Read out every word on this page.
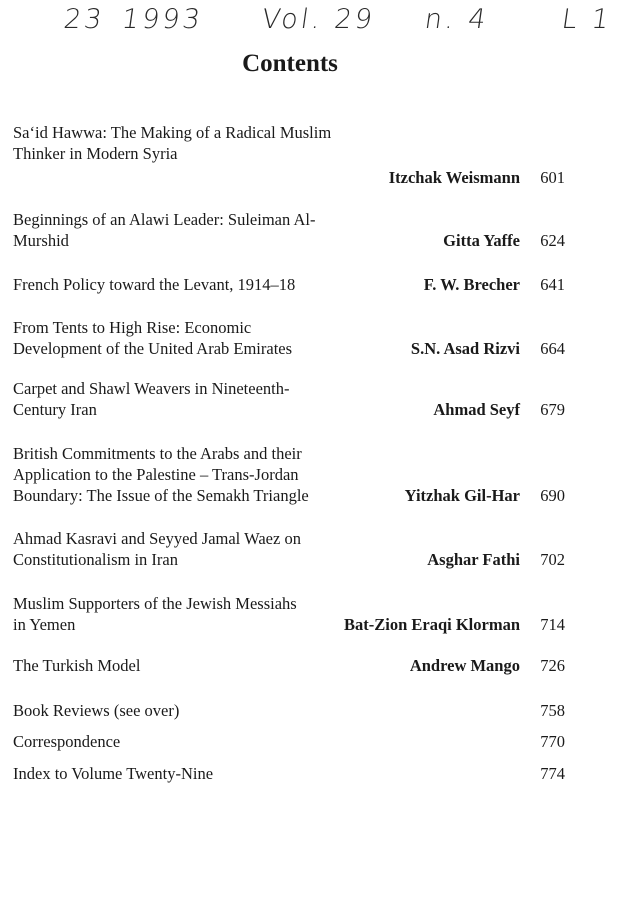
23 1993 Vol. 29 n. 4	L 1
Contents
Sa‘id Hawwa: The Making of a Radical Muslim
Thinker in Modern Syria
Itzchak Weismann	601
Beginnings of an Alawi Leader: Suleiman Al-
Murshid	Gitta Yaffe	624
French Policy toward the Levant, 1914–18	F. W. Brecher	641
From Tents to High Rise: Economic
Development of the United Arab Emirates	S.N. Asad Rizvi	664
Carpet and Shawl Weavers in Nineteenth-
Century Iran	Ahmad Seyf	679
British Commitments to the Arabs and their
Application to the Palestine – Trans-Jordan
Boundary: The Issue of the Semakh Triangle	Yitzhak Gil-Har	690
Ahmad Kasravi and Seyyed Jamal Waez on
Constitutionalism in Iran	Asghar Fathi	702
Muslim Supporters of the Jewish Messiahs
in Yemen	Bat-Zion Eraqi Klorman	714
The Turkish Model	Andrew Mango	726
Book Reviews (see over)	758
Correspondence	770
Index to Volume Twenty-Nine	774
